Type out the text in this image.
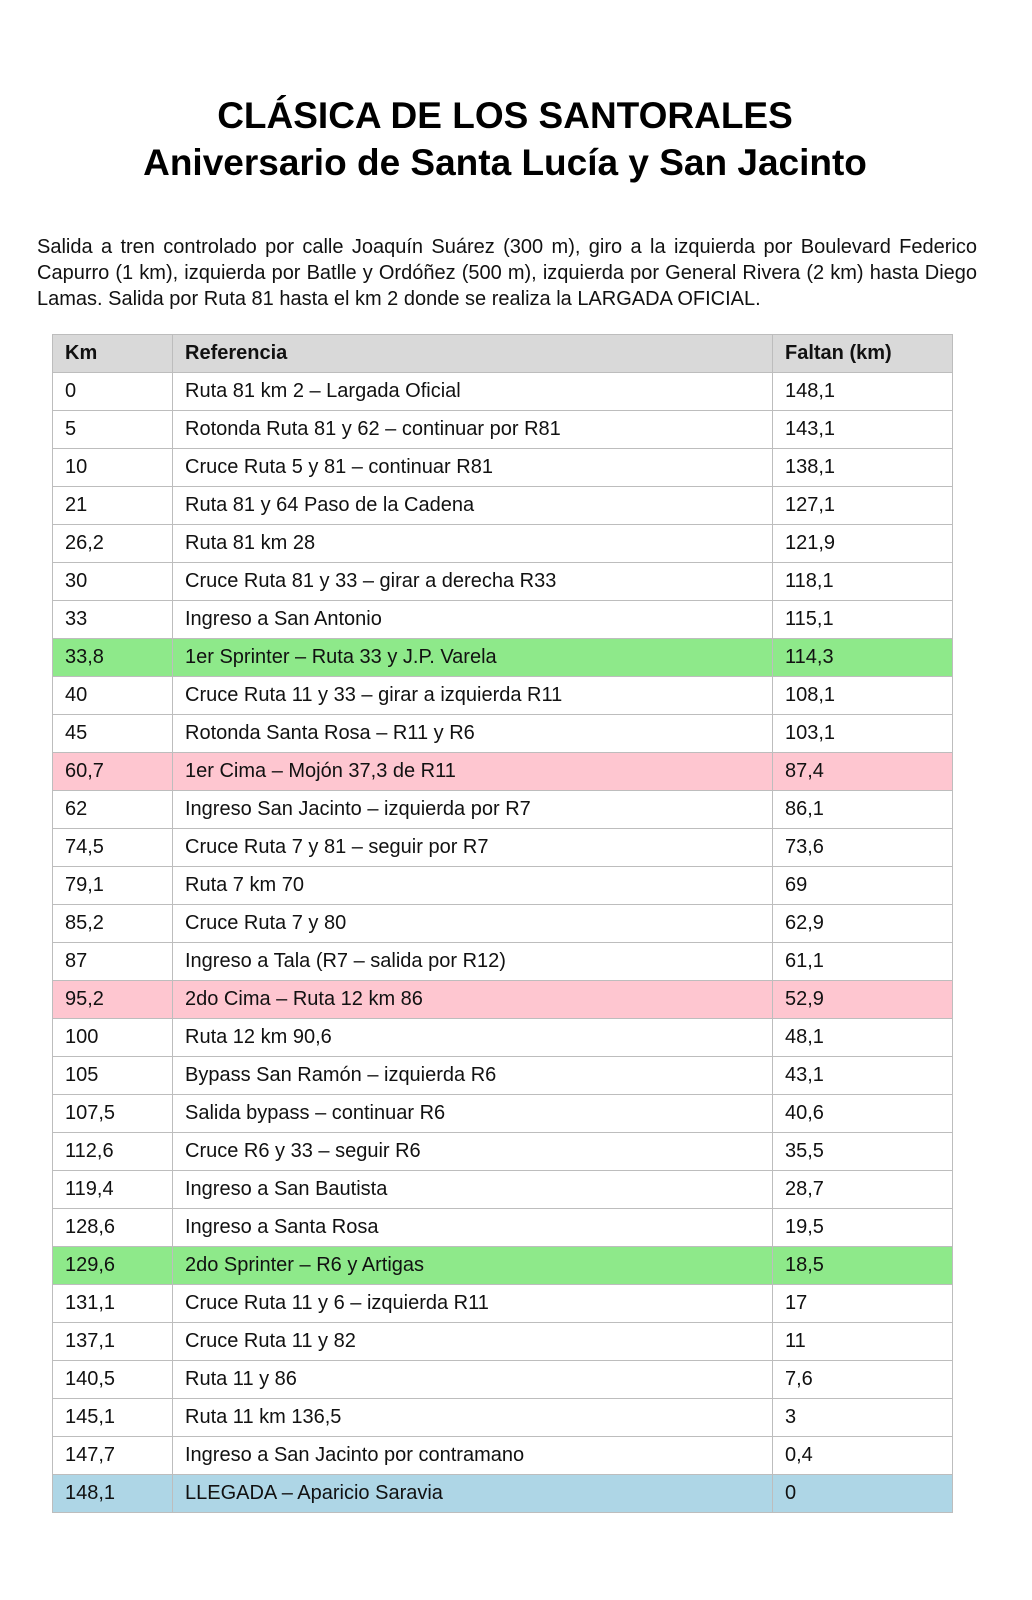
CLÁSICA DE LOS SANTORALES
Aniversario de Santa Lucía y San Jacinto

Salida a tren controlado por calle Joaquín Suárez (300 m), giro a la izquierda por Boulevard Federico Capurro (1 km), izquierda por Batlle y Ordóñez (500 m), izquierda por General Rivera (2 km) hasta Diego Lamas. Salida por Ruta 81 hasta el km 2 donde se realiza la LARGADA OFICIAL.

Km	Referencia	Faltan (km)
0	Ruta 81 km 2 – Largada Oficial	148,1
5	Rotonda Ruta 81 y 62 – continuar por R81	143,1
10	Cruce Ruta 5 y 81 – continuar R81	138,1
21	Ruta 81 y 64 Paso de la Cadena	127,1
26,2	Ruta 81 km 28	121,9
30	Cruce Ruta 81 y 33 – girar a derecha R33	118,1
33	Ingreso a San Antonio	115,1
33,8	1er Sprinter – Ruta 33 y J.P. Varela	114,3
40	Cruce Ruta 11 y 33 – girar a izquierda R11	108,1
45	Rotonda Santa Rosa – R11 y R6	103,1
60,7	1er Cima – Mojón 37,3 de R11	87,4
62	Ingreso San Jacinto – izquierda por R7	86,1
74,5	Cruce Ruta 7 y 81 – seguir por R7	73,6
79,1	Ruta 7 km 70	69
85,2	Cruce Ruta 7 y 80	62,9
87	Ingreso a Tala (R7 – salida por R12)	61,1
95,2	2do Cima – Ruta 12 km 86	52,9
100	Ruta 12 km 90,6	48,1
105	Bypass San Ramón – izquierda R6	43,1
107,5	Salida bypass – continuar R6	40,6
112,6	Cruce R6 y 33 – seguir R6	35,5
119,4	Ingreso a San Bautista	28,7
128,6	Ingreso a Santa Rosa	19,5
129,6	2do Sprinter – R6 y Artigas	18,5
131,1	Cruce Ruta 11 y 6 – izquierda R11	17
137,1	Cruce Ruta 11 y 82	11
140,5	Ruta 11 y 86	7,6
145,1	Ruta 11 km 136,5	3
147,7	Ingreso a San Jacinto por contramano	0,4
148,1	LLEGADA – Aparicio Saravia	0
